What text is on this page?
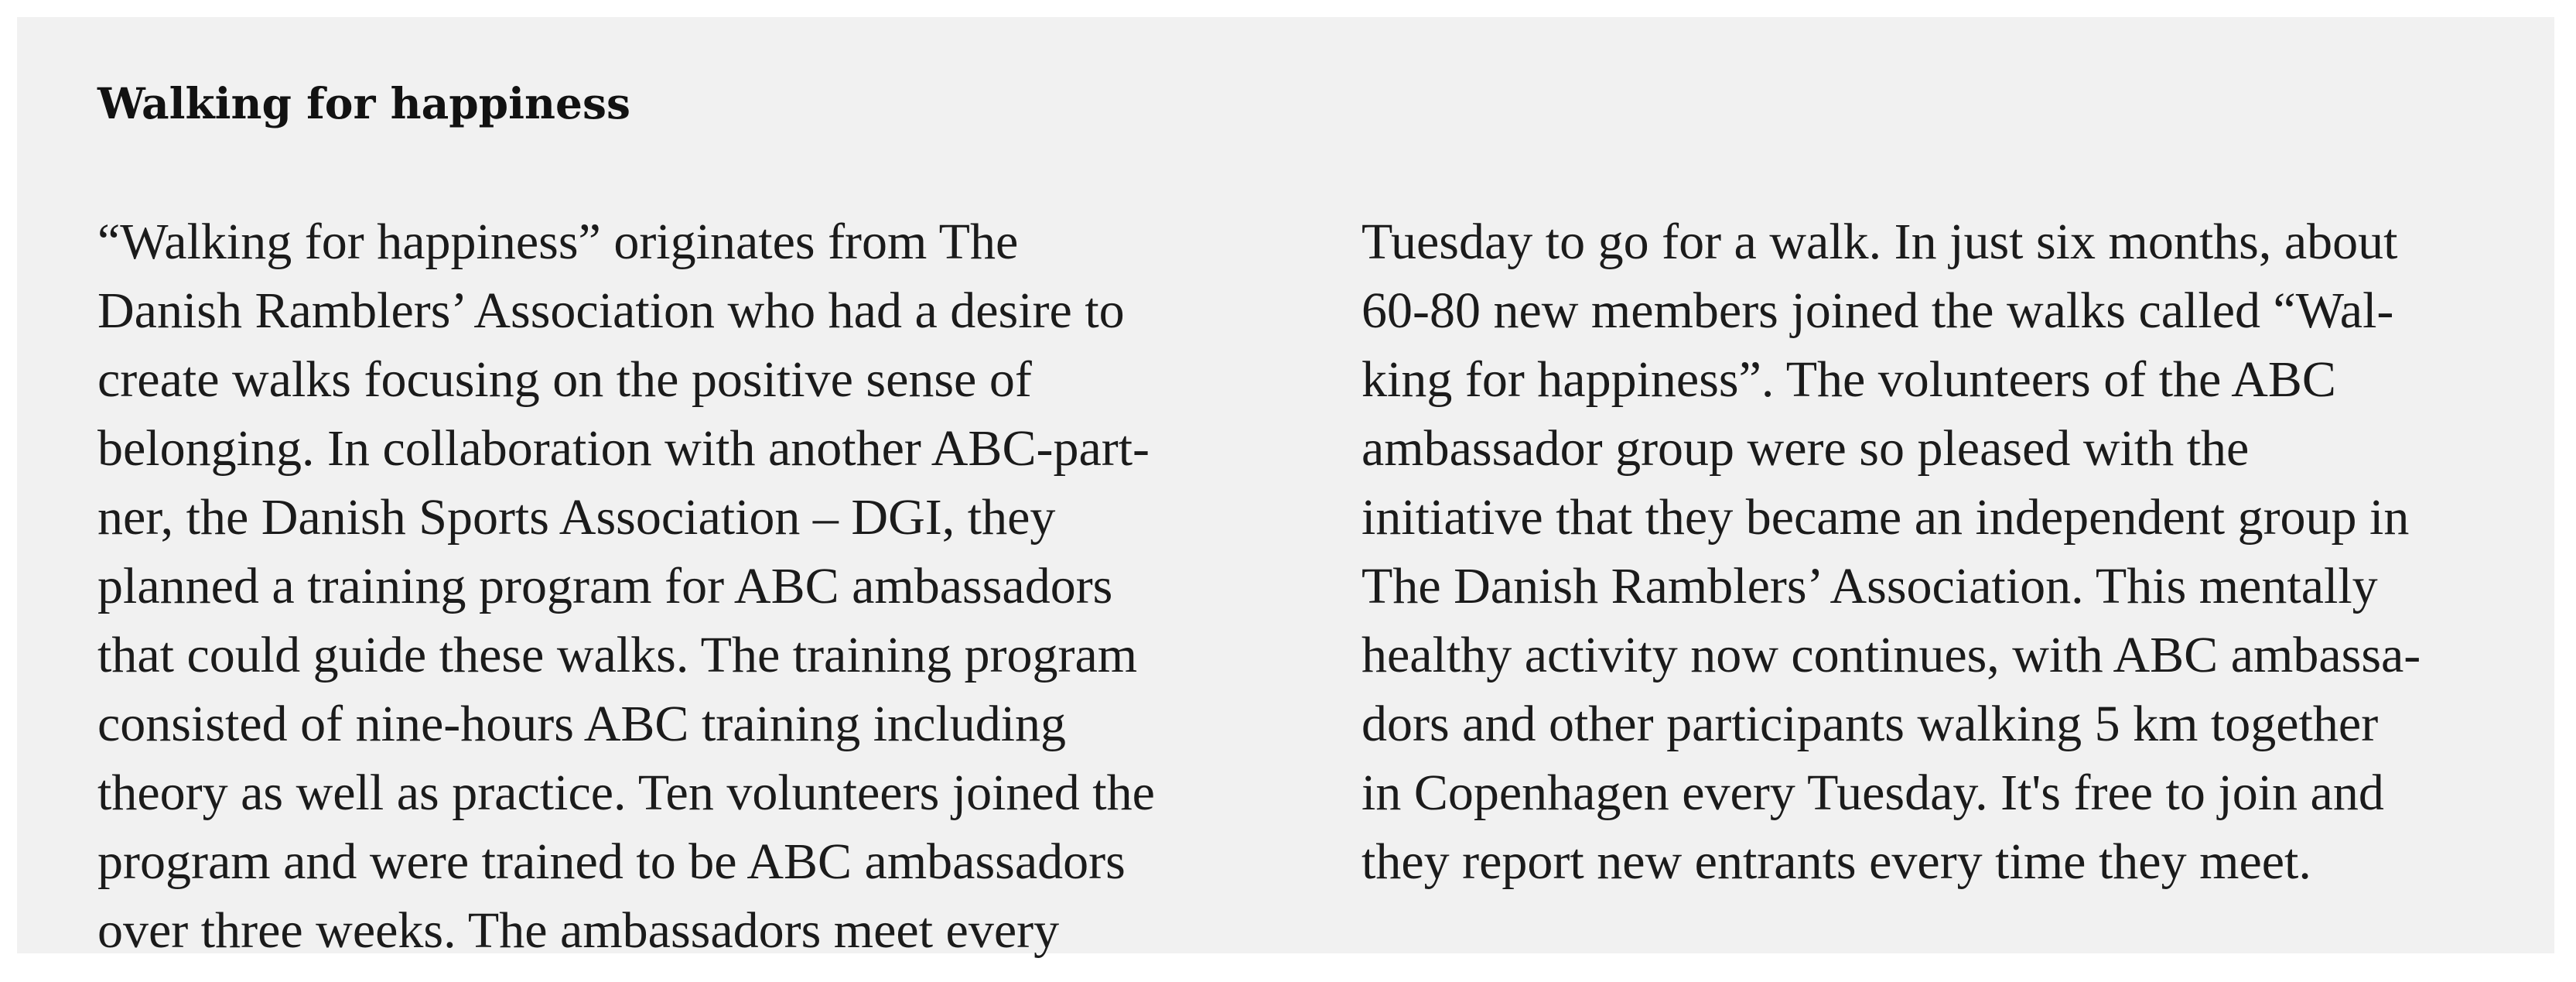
Walking for happiness
“Walking for happiness” originates from The
Danish Ramblers’ Association who had a desire to
create walks focusing on the positive sense of
belonging. In collaboration with another ABC-part-
ner, the Danish Sports Association – DGI, they
planned a training program for ABC ambassadors
that could guide these walks. The training program
consisted of nine-hours ABC training including
theory as well as practice. Ten volunteers joined the
program and were trained to be ABC ambassadors
over three weeks. The ambassadors meet every
Tuesday to go for a walk. In just six months, about
60-80 new members joined the walks called “Wal-
king for happiness”. The volunteers of the ABC
ambassador group were so pleased with the
initiative that they became an independent group in
The Danish Ramblers’ Association. This mentally
healthy activity now continues, with ABC ambassa-
dors and other participants walking 5 km together
in Copenhagen every Tuesday. It's free to join and
they report new entrants every time they meet.
